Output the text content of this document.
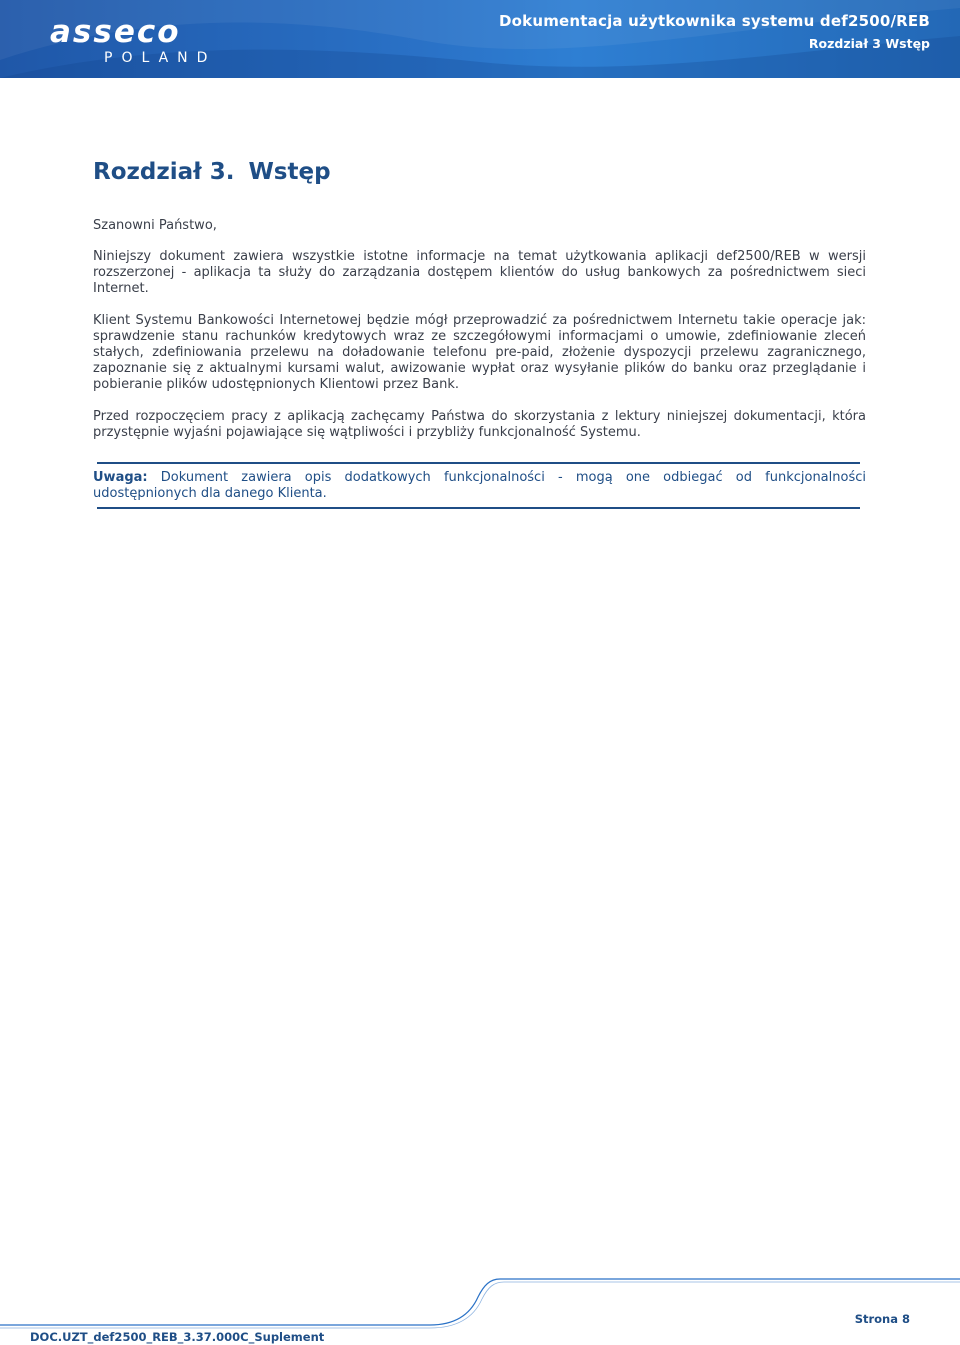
asseco
POLAND
Dokumentacja użytkownika systemu def2500/REB
Rozdział 3 Wstęp
Rozdział 3. Wstęp

Szanowni Państwo,

Niniejszy dokument zawiera wszystkie istotne informacje na temat użytkowania aplikacji def2500/REB w wersji rozszerzonej - aplikacja ta służy do zarządzania dostępem klientów do usług bankowych za pośrednictwem sieci Internet.

Klient Systemu Bankowości Internetowej będzie mógł przeprowadzić za pośrednictwem Internetu takie operacje jak: sprawdzenie stanu rachunków kredytowych wraz ze szczegółowymi informacjami o umowie, zdefiniowanie zleceń stałych, zdefiniowania przelewu na doładowanie telefonu pre-paid, złożenie dyspozycji przelewu zagranicznego, zapoznanie się z aktualnymi kursami walut, awizowanie wypłat oraz wysyłanie plików do banku oraz przeglądanie i pobieranie plików udostępnionych Klientowi przez Bank.

Przed rozpoczęciem pracy z aplikacją zachęcamy Państwa do skorzystania z lektury niniejszej dokumentacji, która przystępnie wyjaśni pojawiające się wątpliwości i przybliży funkcjonalność Systemu.

Uwaga: Dokument zawiera opis dodatkowych funkcjonalności - mogą one odbiegać od funkcjonalności udostępnionych dla danego Klienta.

DOC.UZT_def2500_REB_3.37.000C_Suplement
Strona 8
